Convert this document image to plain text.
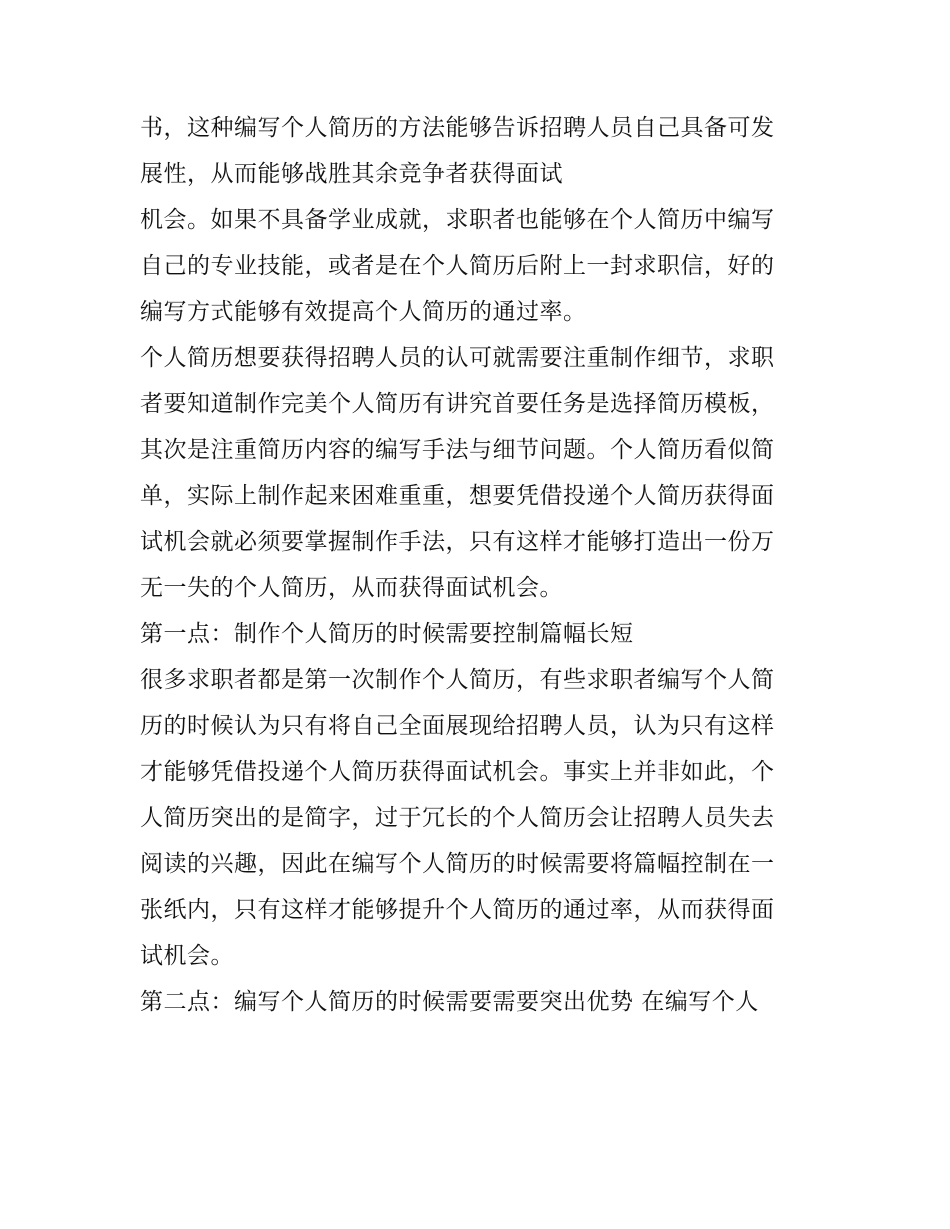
书，这种编写个人简历的方法能够告诉招聘人员自己具备可发
展性，从而能够战胜其余竞争者获得面试
机会。如果不具备学业成就，求职者也能够在个人简历中编写
自己的专业技能，或者是在个人简历后附上一封求职信，好的
编写方式能够有效提高个人简历的通过率。
个人简历想要获得招聘人员的认可就需要注重制作细节，求职
者要知道制作完美个人简历有讲究首要任务是选择简历模板，
其次是注重简历内容的编写手法与细节问题。个人简历看似简
单，实际上制作起来困难重重，想要凭借投递个人简历获得面
试机会就必须要掌握制作手法，只有这样才能够打造出一份万
无一失的个人简历，从而获得面试机会。
第一点：制作个人简历的时候需要控制篇幅长短
很多求职者都是第一次制作个人简历，有些求职者编写个人简
历的时候认为只有将自己全面展现给招聘人员，认为只有这样
才能够凭借投递个人简历获得面试机会。事实上并非如此，个
人简历突出的是简字，过于冗长的个人简历会让招聘人员失去
阅读的兴趣，因此在编写个人简历的时候需要将篇幅控制在一
张纸内，只有这样才能够提升个人简历的通过率，从而获得面
试机会。
第二点：编写个人简历的时候需要需要突出优势 在编写个人
